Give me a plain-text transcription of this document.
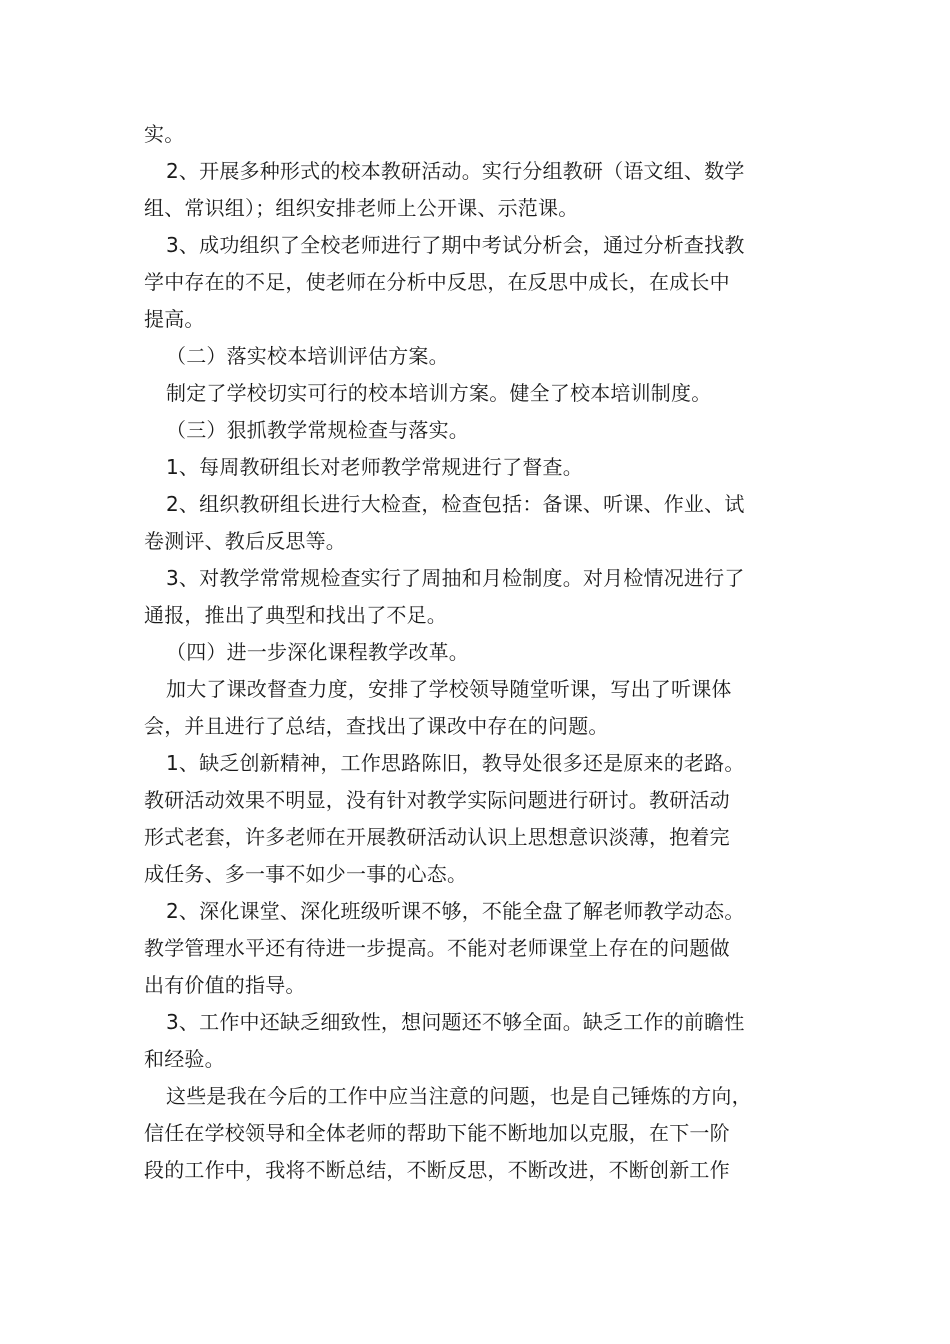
实。

2、开展多种形式的校本教研活动。实行分组教研（语文组、数学

组、常识组）；组织安排老师上公开课、示范课。

3、成功组织了全校老师进行了期中考试分析会，通过分析查找教

学中存在的不足，使老师在分析中反思，在反思中成长，在成长中

提高。

（二）落实校本培训评估方案。

制定了学校切实可行的校本培训方案。健全了校本培训制度。

（三）狠抓教学常规检查与落实。

1、每周教研组长对老师教学常规进行了督查。

2、组织教研组长进行大检查，检查包括：备课、听课、作业、试

卷测评、教后反思等。

3、对教学常常规检查实行了周抽和月检制度。对月检情况进行了

通报，推出了典型和找出了不足。

（四）进一步深化课程教学改革。

加大了课改督查力度，安排了学校领导随堂听课，写出了听课体

会，并且进行了总结，查找出了课改中存在的问题。

1、缺乏创新精神，工作思路陈旧，教导处很多还是原来的老路。

教研活动效果不明显，没有针对教学实际问题进行研讨。教研活动

形式老套，许多老师在开展教研活动认识上思想意识淡薄，抱着完

成任务、多一事不如少一事的心态。

2、深化课堂、深化班级听课不够，不能全盘了解老师教学动态。

教学管理水平还有待进一步提高。不能对老师课堂上存在的问题做

出有价值的指导。

3、工作中还缺乏细致性，想问题还不够全面。缺乏工作的前瞻性

和经验。

这些是我在今后的工作中应当注意的问题，也是自己锤炼的方向，

信任在学校领导和全体老师的帮助下能不断地加以克服，在下一阶

段的工作中，我将不断总结，不断反思，不断改进，不断创新工作
